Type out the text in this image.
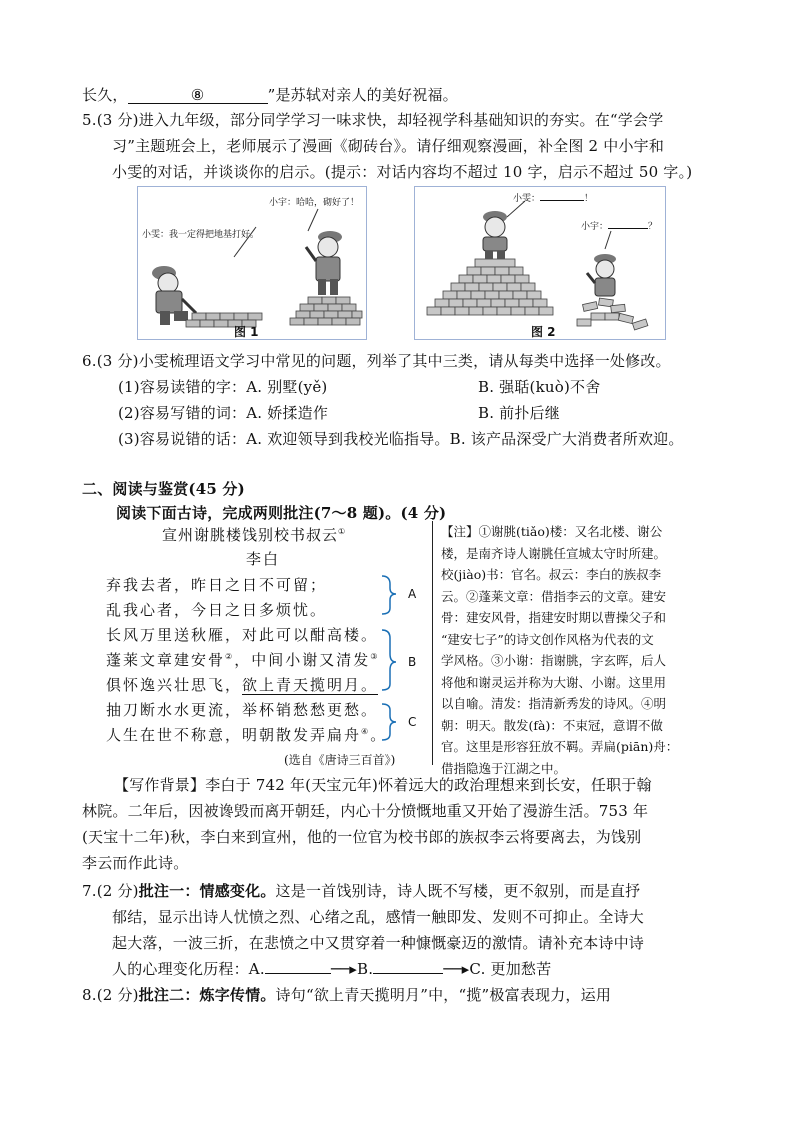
长久，	⑧	”是苏轼对亲人的美好祝福。
5.(3 分)进入九年级，部分同学学习一味求快，却轻视学科基础知识的夯实。在“学会学
习”主题班会上，老师展示了漫画《砌砖台》。请仔细观察漫画，补全图 2 中小宇和
小雯的对话，并谈谈你的启示。(提示：对话内容均不超过 10 字，启示不超过 50 字。)
小宇：哈哈，砌好了！
小雯：我一定得把地基打好。
图 1
小雯：	！
小宇：	？
图 2
6.(3 分)小雯梳理语文学习中常见的问题，列举了其中三类，请从每类中选择一处修改。
(1)容易读错的字：A. 别墅(yě)	B. 强聒(kuò)不舍
(2)容易写错的词：A. 娇揉造作	B. 前扑后继
(3)容易说错的话：A. 欢迎领导到我校光临指导。B. 该产品深受广大消费者所欢迎。
二、阅读与鉴赏(45 分)
阅读下面古诗，完成两则批注(7～8 题)。(4 分)
宣州谢朓楼饯别校书叔云①
李白
弃我去者，昨日之日不可留；
乱我心者，今日之日多烦忧。
长风万里送秋雁，对此可以酣高楼。
蓬莱文章建安骨②，中间小谢又清发③
俱怀逸兴壮思飞，欲上青天揽明月。
抽刀断水水更流，举杯销愁愁更愁。
人生在世不称意，明朝散发弄扁舟④。
(选自《唐诗三百首》)
A
B
C

【注】①谢朓(tiǎo)楼：又名北楼、谢公

楼，是南齐诗人谢朓任宣城太守时所建。

校(jiào)书：官名。叔云：李白的族叔李

云。②蓬莱文章：借指李云的文章。建安

骨：建安风骨，指建安时期以曹操父子和

“建安七子”的诗文创作风格为代表的文

学风格。③小谢：指谢朓，字玄晖，后人

将他和谢灵运并称为大谢、小谢。这里用

以自喻。清发：指清新秀发的诗风。④明

朝：明天。散发(fà)：不束冠，意谓不做

官。这里是形容狂放不羁。弄扁(piān)舟：

借指隐逸于江湖之中。

【写作背景】李白于 742 年(天宝元年)怀着远大的政治理想来到长安，任职于翰
林院。二年后，因被谗毁而离开朝廷，内心十分愤慨地重又开始了漫游生活。753 年
(天宝十二年)秋，李白来到宣州，他的一位官为校书郎的族叔李云将要离去，为饯别
李云而作此诗。
7.(2 分)批注一：情感变化。这是一首饯别诗，诗人既不写楼，更不叙别，而是直抒
郁结，显示出诗人忧愤之烈、心绪之乱，感情一触即发、发则不可抑止。全诗大
起大落，一波三折，在悲愤之中又贯穿着一种慷慨豪迈的激情。请补充本诗中诗
人的心理变化历程：A.	──▸B.	──▸C. 更加愁苦
8.(2 分)批注二：炼字传情。诗句“欲上青天揽明月”中，“揽”极富表现力，运用
